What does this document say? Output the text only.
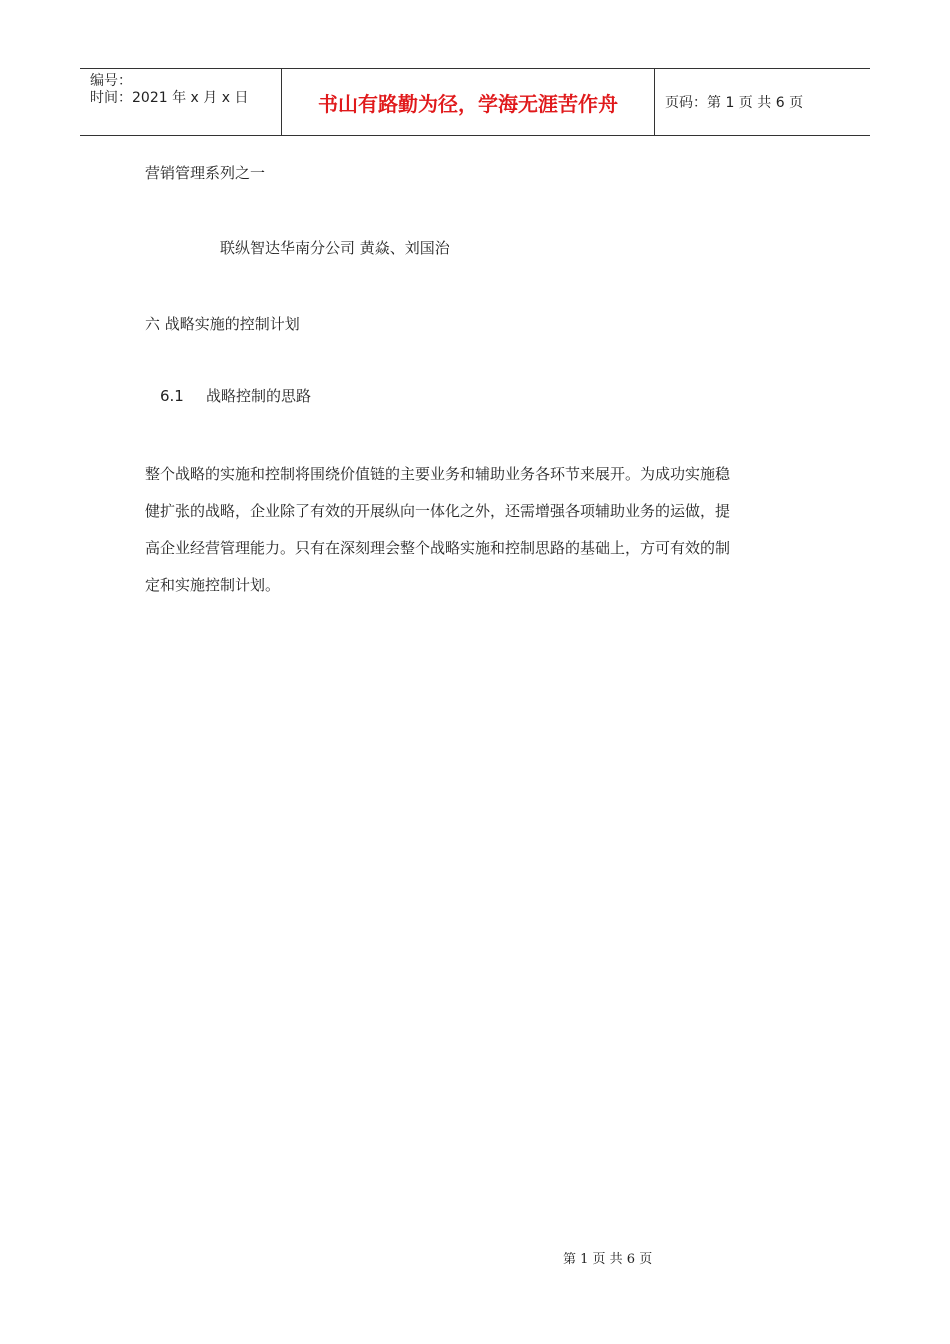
编号：
时间：2021 年 x 月 x 日	书山有路勤为径，学海无涯苦作舟	页码：第 1 页 共 6 页
营销管理系列之一
联纵智达华南分公司 黄焱、刘国治
六 战略实施的控制计划
6.1 战略控制的思路
整个战略的实施和控制将围绕价值链的主要业务和辅助业务各环节来展开。为成功实施稳
健扩张的战略，企业除了有效的开展纵向一体化之外，还需增强各项辅助业务的运做，提
高企业经营管理能力。只有在深刻理会整个战略实施和控制思路的基础上，方可有效的制
定和实施控制计划。
第 1 页 共 6 页
